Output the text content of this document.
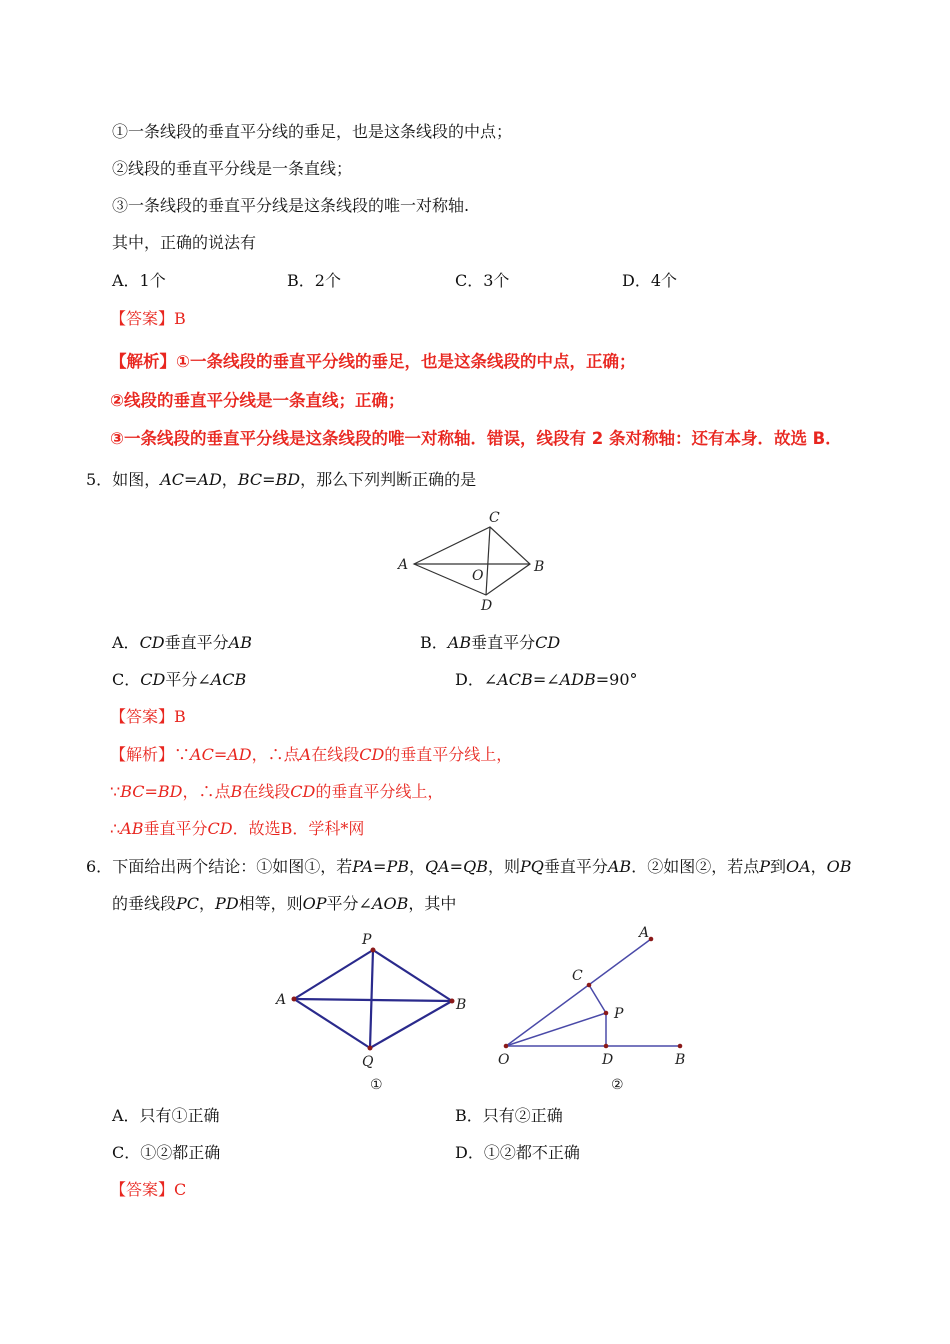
①一条线段的垂直平分线的垂足，也是这条线段的中点；
②线段的垂直平分线是一条直线；
③一条线段的垂直平分线是这条线段的唯一对称轴.
其中，正确的说法有
A．1个	B．2个	C．3个	D．4个
【答案】B
【解析】①一条线段的垂直平分线的垂足，也是这条线段的中点，正确；
②线段的垂直平分线是一条直线；正确；
③一条线段的垂直平分线是这条线段的唯一对称轴．错误，线段有 2 条对称轴：还有本身．故选 B．
5．如图，AC=AD，BC=BD，那么下列判断正确的是
C
A	B
O
D
A．CD垂直平分AB	B．AB垂直平分CD
C．CD平分∠ACB	D．∠ACB=∠ADB=90°
【答案】B
【解析】∵AC=AD，∴点A在线段CD的垂直平分线上，
∵BC=BD，∴点B在线段CD的垂直平分线上，
∴AB垂直平分CD．故选B．学科*网
6．下面给出两个结论：①如图①，若PA=PB，QA=QB，则PQ垂直平分AB．②如图②，若点P到OA，OB
的垂线段PC，PD相等，则OP平分∠AOB，其中
P
A	B
Q
①
A
C
P
O	D	B
②
A．只有①正确	B．只有②正确
C．①②都正确	D．①②都不正确
【答案】C
